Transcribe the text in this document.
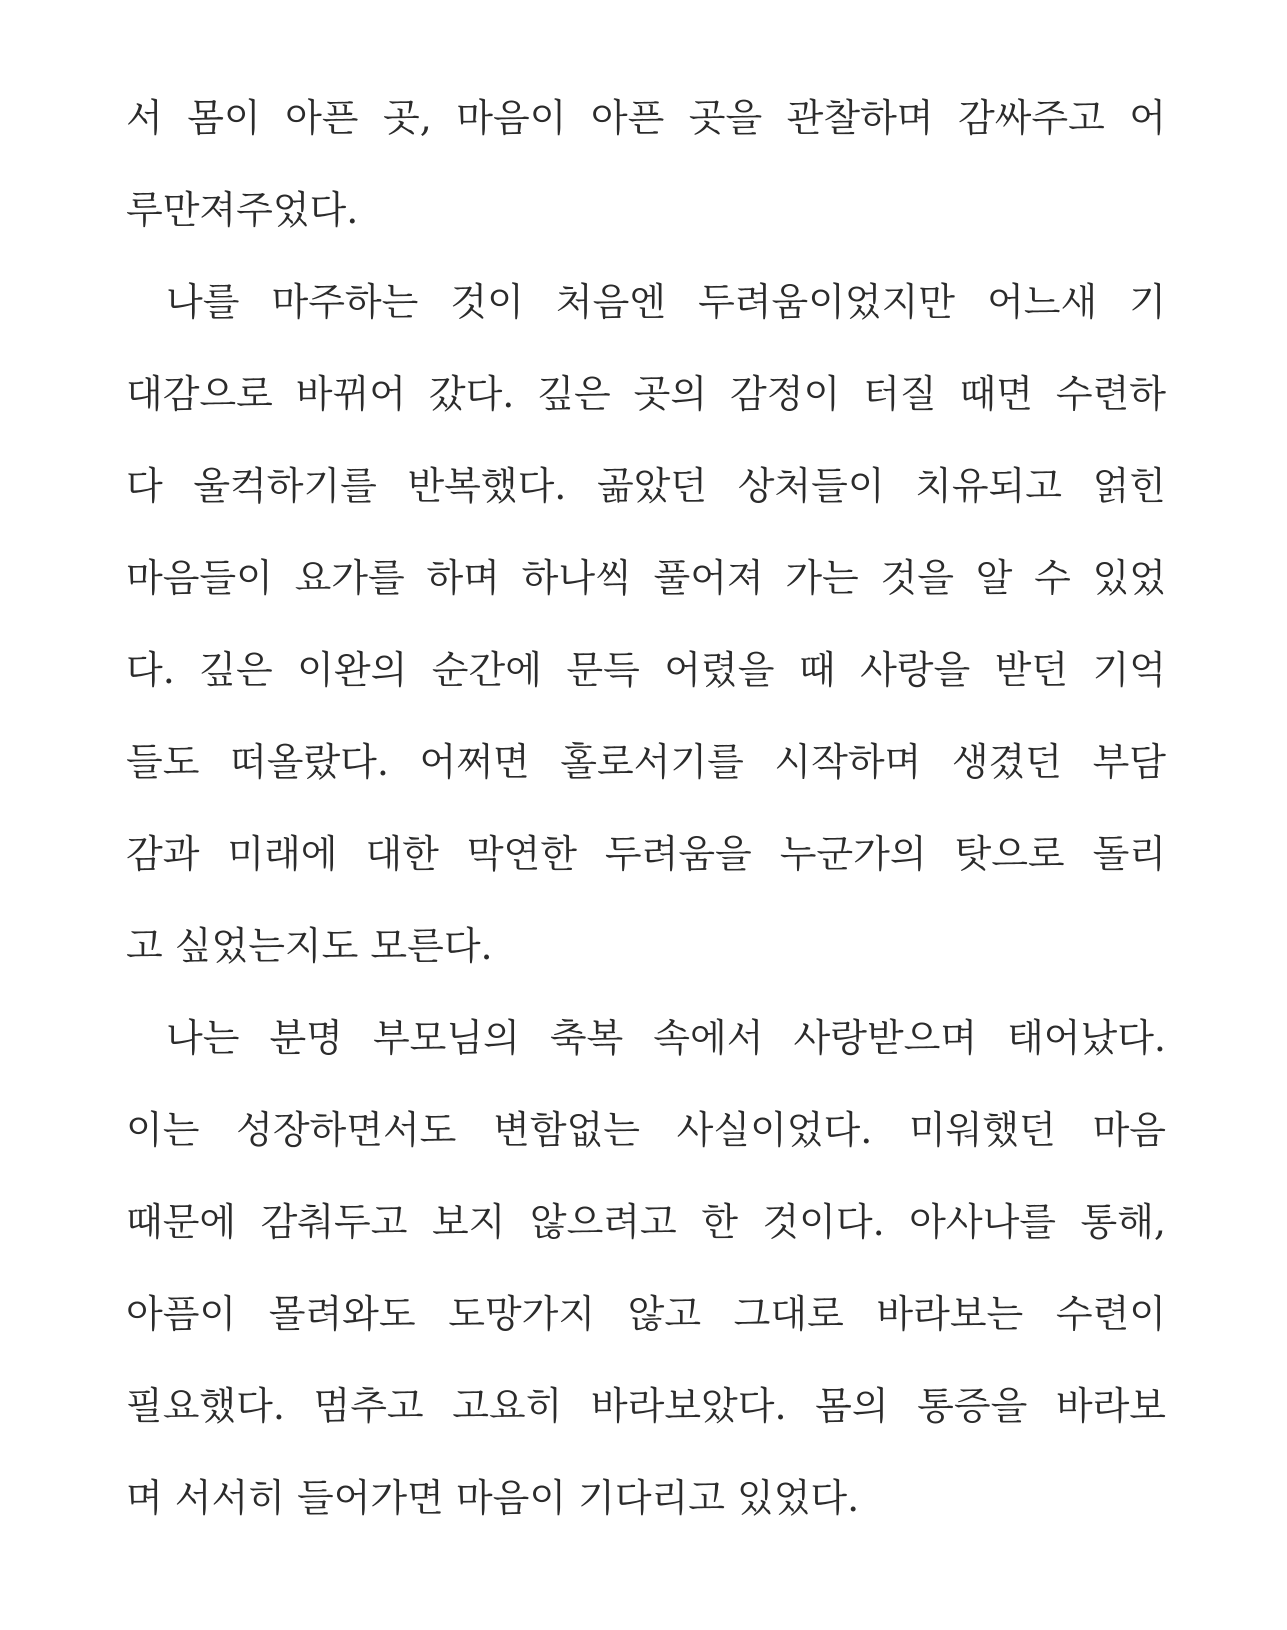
서 몸이 아픈 곳, 마음이 아픈 곳을 관찰하며 감싸주고 어
루만져주었다.
나를 마주하는 것이 처음엔 두려움이었지만 어느새 기
대감으로 바뀌어 갔다. 깊은 곳의 감정이 터질 때면 수련하
다 울컥하기를 반복했다. 곪았던 상처들이 치유되고 얽힌
마음들이 요가를 하며 하나씩 풀어져 가는 것을 알 수 있었
다. 깊은 이완의 순간에 문득 어렸을 때 사랑을 받던 기억
들도 떠올랐다. 어쩌면 홀로서기를 시작하며 생겼던 부담
감과 미래에 대한 막연한 두려움을 누군가의 탓으로 돌리
고 싶었는지도 모른다.
나는 분명 부모님의 축복 속에서 사랑받으며 태어났다.
이는 성장하면서도 변함없는 사실이었다. 미워했던 마음
때문에 감춰두고 보지 않으려고 한 것이다. 아사나를 통해,
아픔이 몰려와도 도망가지 않고 그대로 바라보는 수련이
필요했다. 멈추고 고요히 바라보았다. 몸의 통증을 바라보
며 서서히 들어가면 마음이 기다리고 있었다.
